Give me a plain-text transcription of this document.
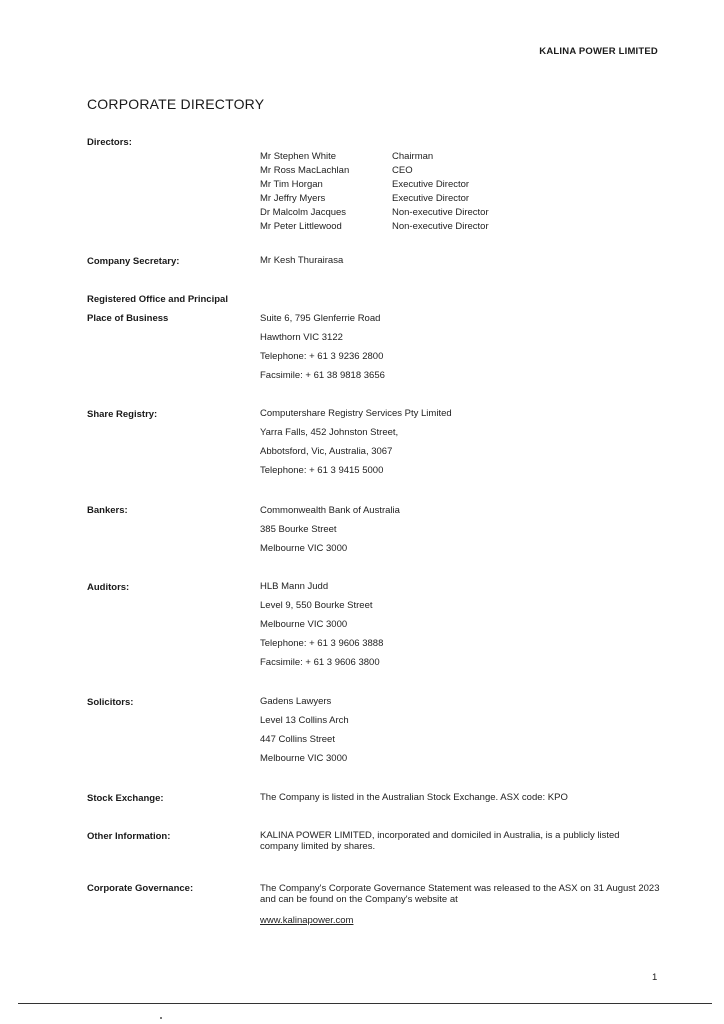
KALINA POWER LIMITED
CORPORATE DIRECTORY
Directors:
Mr Stephen White	Chairman
Mr Ross MacLachlan	CEO
Mr Tim Horgan	Executive Director
Mr Jeffry Myers	Executive Director
Dr Malcolm Jacques	Non-executive Director
Mr Peter Littlewood	Non-executive Director
Company Secretary:	Mr Kesh Thurairasa
Registered Office and Principal
Place of Business	Suite 6, 795 Glenferrie Road
Hawthorn VIC 3122
Telephone: + 61 3 9236 2800
Facsimile: + 61 38 9818 3656
Share Registry:	Computershare Registry Services Pty Limited
Yarra Falls, 452 Johnston Street,
Abbotsford, Vic, Australia, 3067
Telephone: + 61 3 9415 5000
Bankers:	Commonwealth Bank of Australia
385 Bourke Street
Melbourne VIC 3000
Auditors:	HLB Mann Judd
Level 9, 550 Bourke Street
Melbourne VIC 3000
Telephone: + 61 3 9606 3888
Facsimile: + 61 3 9606 3800
Solicitors:	Gadens Lawyers
Level 13 Collins Arch
447 Collins Street
Melbourne VIC 3000
Stock Exchange:	The Company is listed in the Australian Stock Exchange. ASX code: KPO
Other Information:	KALINA POWER LIMITED, incorporated and domiciled in Australia, is a publicly listed company limited by shares.
Corporate Governance:	The Company's Corporate Governance Statement was released to the ASX on 31 August 2023 and can be found on the Company's website at
www.kalinapower.com
1
